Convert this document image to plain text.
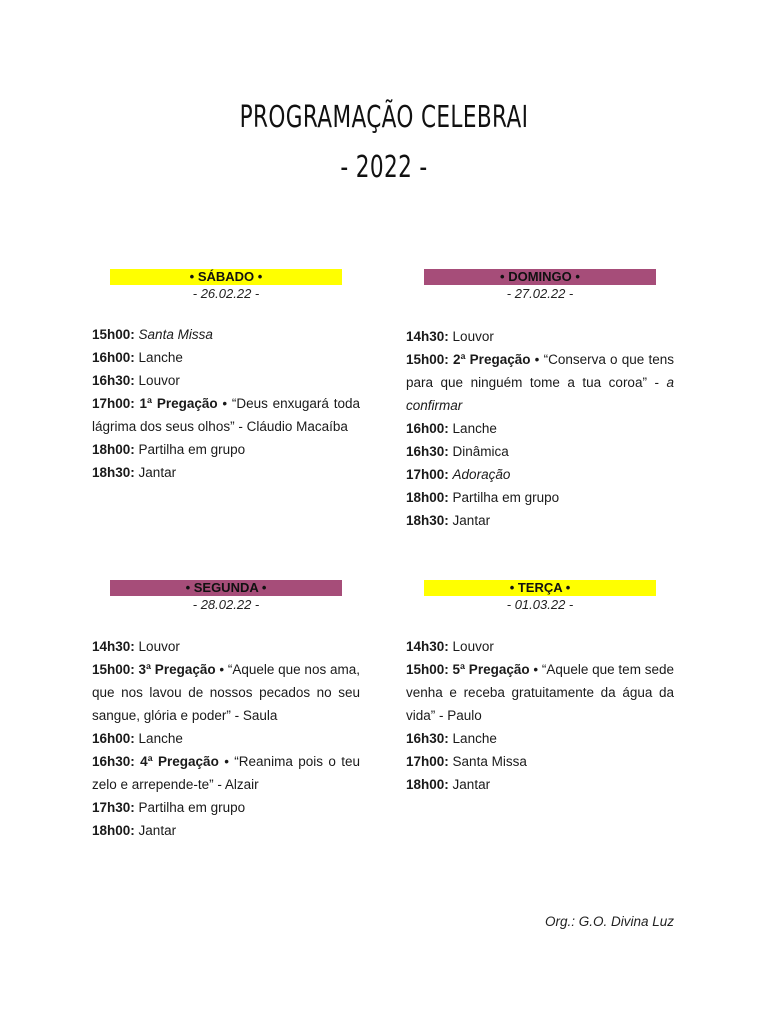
PROGRAMAÇÃO CELEBRAI
- 2022 -
• SÁBADO •
- 26.02.22 -
• DOMINGO •
- 27.02.22 -
• SEGUNDA •
- 28.02.22 -
• TERÇA •
- 01.03.22 -

15h00: Santa Missa

16h00: Lanche

16h30: Louvor

17h00: 1ª Pregação • “Deus enxugará toda lágrima dos seus olhos” - Cláudio Macaíba

18h00: Partilha em grupo

18h30: Jantar

14h30: Louvor

15h00: 2ª Pregação • “Conserva o que tens para que ninguém tome a tua coroa” - a confirmar

16h00: Lanche

16h30: Dinâmica

17h00: Adoração

18h00: Partilha em grupo

18h30: Jantar

14h30: Louvor

15h00: 3ª Pregação • “Aquele que nos ama, que nos lavou de nossos pecados no seu sangue, glória e poder” - Saula

16h00: Lanche

16h30: 4ª Pregação • “Reanima pois o teu zelo e arrepende-te” - Alzair

17h30: Partilha em grupo

18h00: Jantar

14h30: Louvor

15h00: 5ª Pregação • “Aquele que tem sede venha e receba gratuitamente da água da vida” - Paulo

16h30: Lanche

17h00: Santa Missa

18h00: Jantar

Org.: G.O. Divina Luz
